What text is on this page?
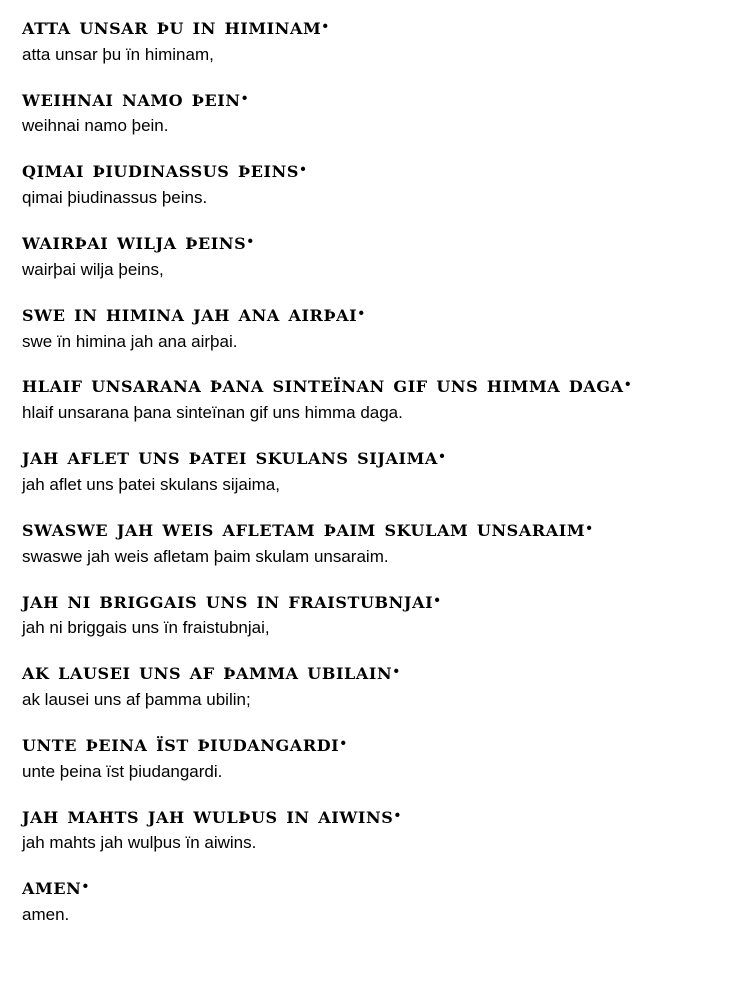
atta unsar þu in himinam·
atta unsar þu ïn himinam,
weihnai namo þein·
weihnai namo þein.
qimai þiudinassus þeins·
qimai þiudinassus þeins.
wairþai wilja þeins·
wairþai wilja þeins,
swe in himina jah ana airþai·
swe ïn himina jah ana airþai.
hlaif unsarana þana sinteïnan gif uns himma daga·
hlaif unsarana þana sinteïnan gif uns himma daga.
jah aflet uns þatei skulans sijaima·
jah aflet uns þatei skulans sijaima,
swaswe jah weis afletam þaim skulam unsaraim·
swaswe jah weis afletam þaim skulam unsaraim.
jah ni briggais uns in fraistubnjai·
jah ni briggais uns ïn fraistubnjai,
ak lausei uns af þamma ubilain·
ak lausei uns af þamma ubilin;
unte þeina ïst þiudangardi·
unte þeina ïst þiudangardi.
jah mahts jah wulþus in aiwins·
jah mahts jah wulþus ïn aiwins.
amen·
amen.
